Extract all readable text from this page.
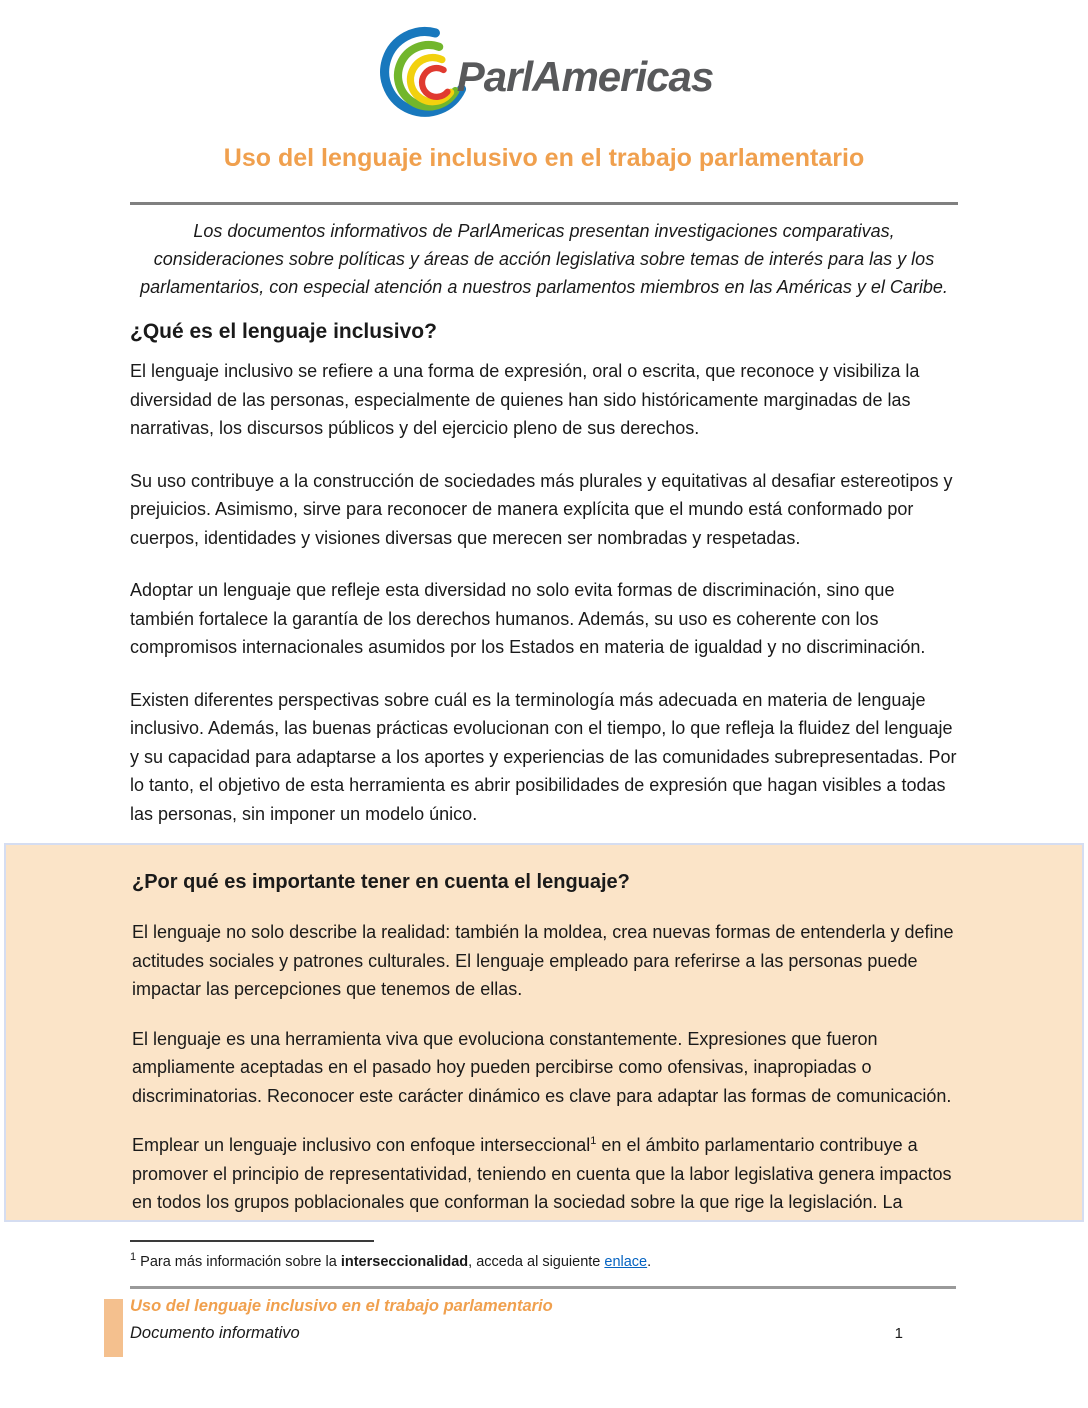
ParlAmericas
Uso del lenguaje inclusivo en el trabajo parlamentario

Los documentos informativos de ParlAmericas presentan investigaciones comparativas, consideraciones sobre políticas y áreas de acción legislativa sobre temas de interés para las y los parlamentarios, con especial atención a nuestros parlamentos miembros en las Américas y el Caribe.

¿Qué es el lenguaje inclusivo?

El lenguaje inclusivo se refiere a una forma de expresión, oral o escrita, que reconoce y visibiliza la diversidad de las personas, especialmente de quienes han sido históricamente marginadas de las narrativas, los discursos públicos y del ejercicio pleno de sus derechos.

Su uso contribuye a la construcción de sociedades más plurales y equitativas al desafiar estereotipos y prejuicios. Asimismo, sirve para reconocer de manera explícita que el mundo está conformado por cuerpos, identidades y visiones diversas que merecen ser nombradas y respetadas.

Adoptar un lenguaje que refleje esta diversidad no solo evita formas de discriminación, sino que también fortalece la garantía de los derechos humanos. Además, su uso es coherente con los compromisos internacionales asumidos por los Estados en materia de igualdad y no discriminación.

Existen diferentes perspectivas sobre cuál es la terminología más adecuada en materia de lenguaje inclusivo. Además, las buenas prácticas evolucionan con el tiempo, lo que refleja la fluidez del lenguaje y su capacidad para adaptarse a los aportes y experiencias de las comunidades subrepresentadas. Por lo tanto, el objetivo de esta herramienta es abrir posibilidades de expresión que hagan visibles a todas las personas, sin imponer un modelo único.

¿Por qué es importante tener en cuenta el lenguaje?

El lenguaje no solo describe la realidad: también la moldea, crea nuevas formas de entenderla y define actitudes sociales y patrones culturales. El lenguaje empleado para referirse a las personas puede impactar las percepciones que tenemos de ellas.

El lenguaje es una herramienta viva que evoluciona constantemente. Expresiones que fueron ampliamente aceptadas en el pasado hoy pueden percibirse como ofensivas, inapropiadas o discriminatorias. Reconocer este carácter dinámico es clave para adaptar las formas de comunicación.

Emplear un lenguaje inclusivo con enfoque interseccional$^1$ en el ámbito parlamentario contribuye a promover el principio de representatividad, teniendo en cuenta que la labor legislativa genera impactos en todos los grupos poblacionales que conforman la sociedad sobre la que rige la legislación. La

$^1$ Para más información sobre la interseccionalidad, acceda al siguiente enlace.

Uso del lenguaje inclusivo en el trabajo parlamentario
Documento informativo	1
